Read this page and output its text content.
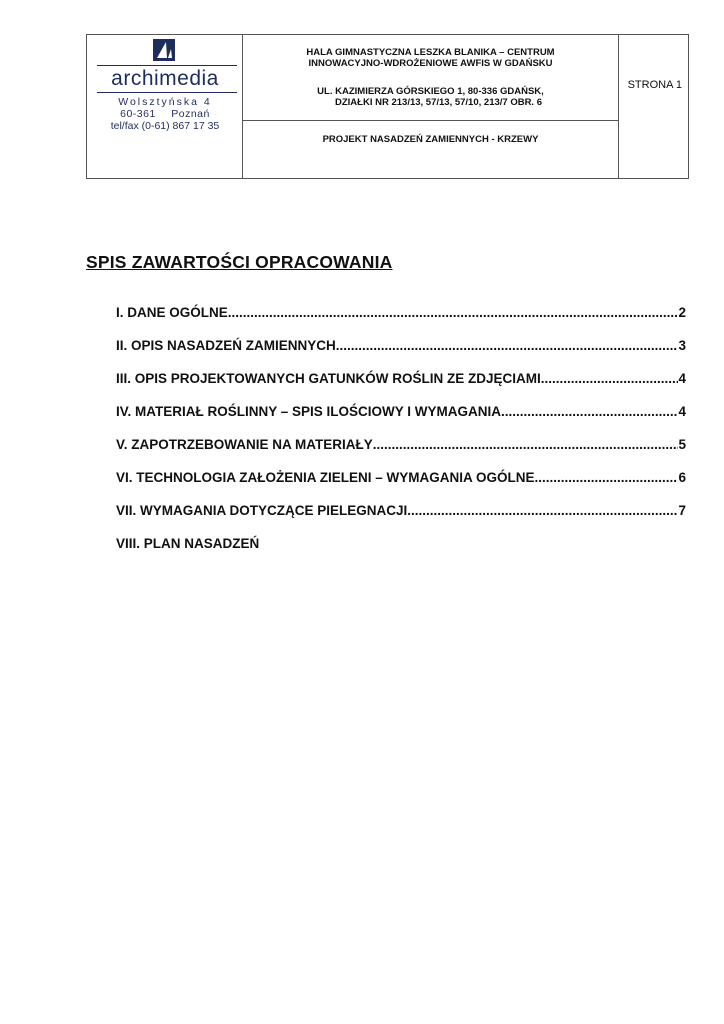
archimedia
Wolsztyńska 4
60-361 Poznań
tel/fax (0-61) 867 17 35
HALA GIMNASTYCZNA LESZKA BLANIKA – CENTRUM
INNOWACYJNO-WDROŻENIOWE AWFIS W GDAŃSKU
UL. KAZIMIERZA GÓRSKIEGO 1, 80-336 GDAŃSK,
DZIAŁKI NR 213/13, 57/13, 57/10, 213/7 OBR. 6
PROJEKT NASADZEŃ ZAMIENNYCH - KRZEWY
STRONA 1
SPIS ZAWARTOŚCI OPRACOWANIA
I. DANE OGÓLNE .....	2
II. OPIS NASADZEŃ ZAMIENNYCH .....	3
III. OPIS PROJEKTOWANYCH GATUNKÓW ROŚLIN ZE ZDJĘCIAMI .....	4
IV. MATERIAŁ ROŚLINNY – SPIS ILOŚCIOWY I WYMAGANIA .....	4
V. ZAPOTRZEBOWANIE NA MATERIAŁY .....	5
VI. TECHNOLOGIA ZAŁOŻENIA ZIELENI – WYMAGANIA OGÓLNE .....	6
VII. WYMAGANIA DOTYCZĄCE PIELEGNACJI .....	7
VIII. PLAN NASADZEŃ
